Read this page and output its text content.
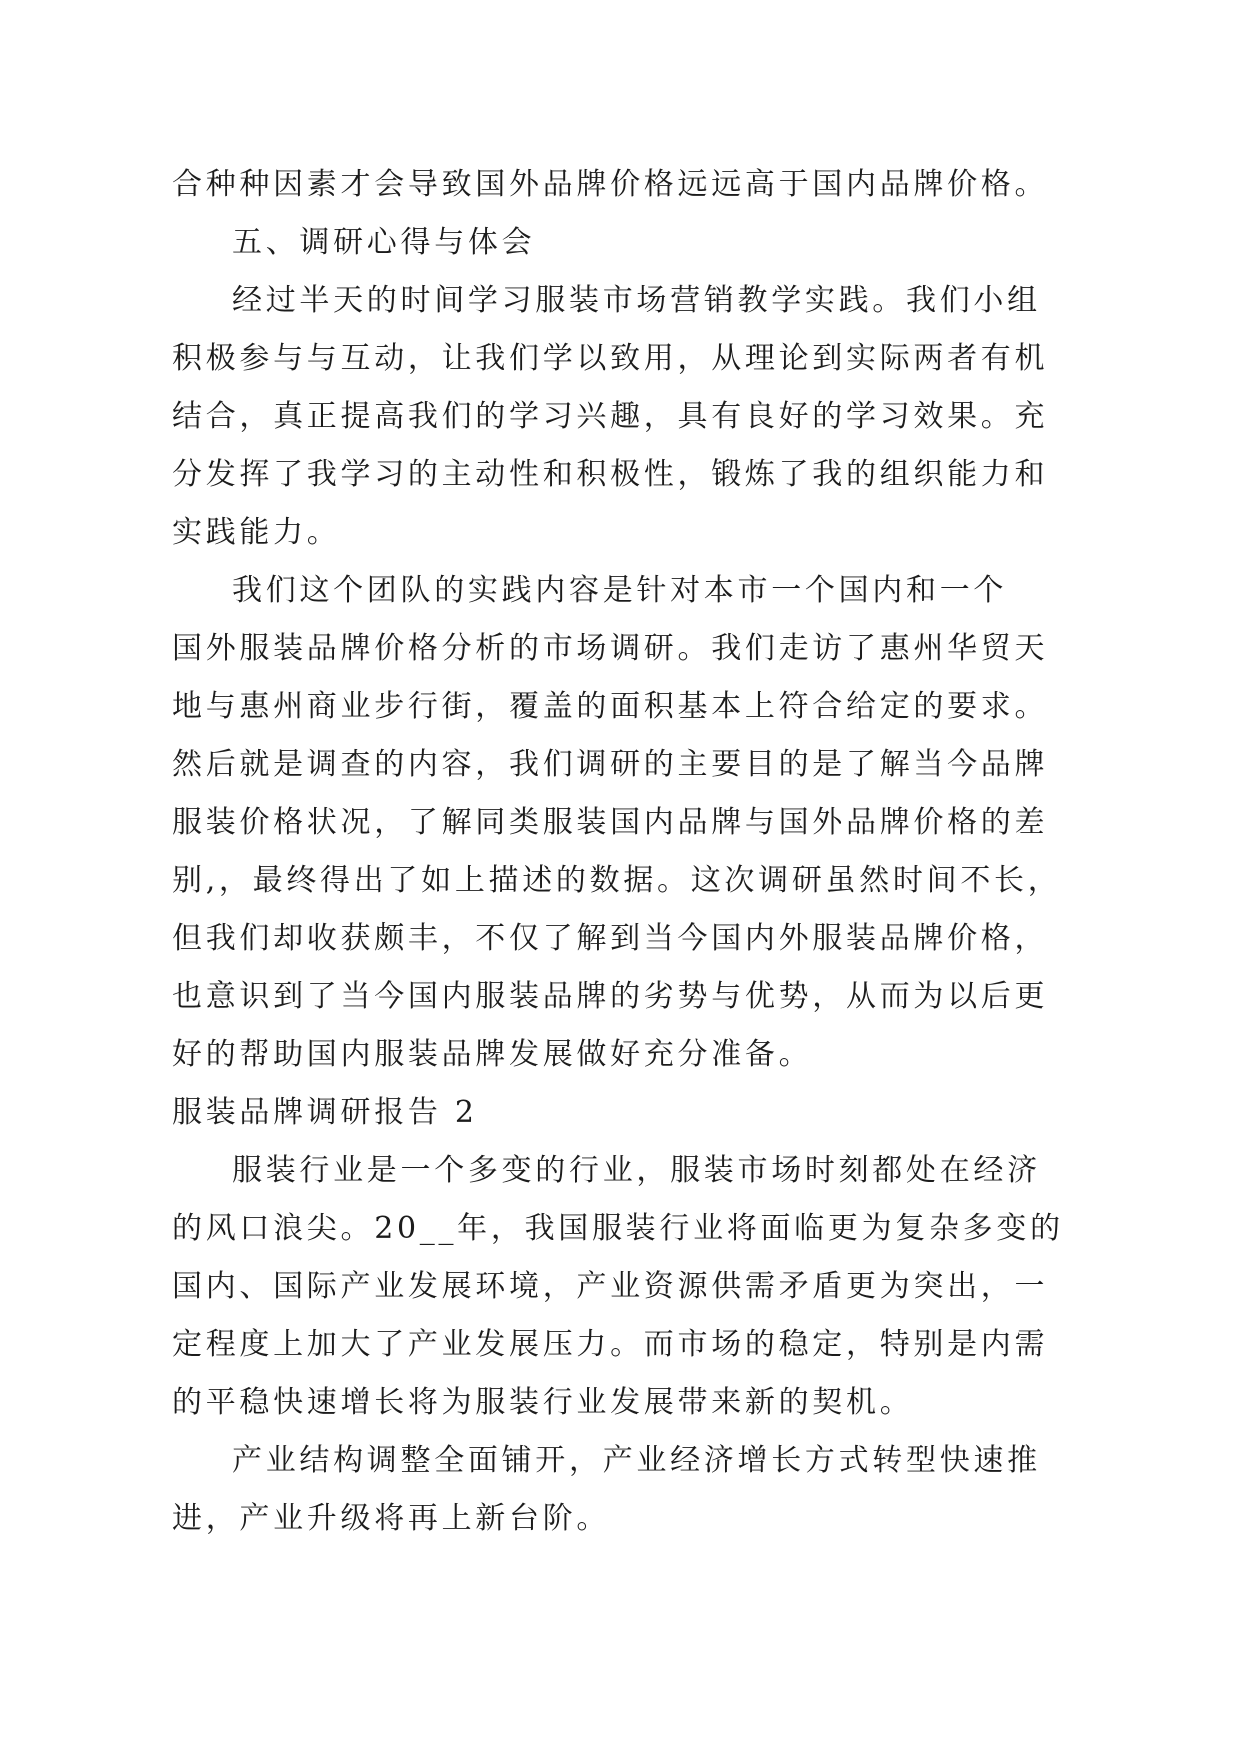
合种种因素才会导致国外品牌价格远远高于国内品牌价格。
五、调研心得与体会
经过半天的时间学习服装市场营销教学实践。我们小组
积极参与与互动，让我们学以致用，从理论到实际两者有机
结合，真正提高我们的学习兴趣，具有良好的学习效果。充
分发挥了我学习的主动性和积极性，锻炼了我的组织能力和
实践能力。
我们这个团队的实践内容是针对本市一个国内和一个
国外服装品牌价格分析的市场调研。我们走访了惠州华贸天
地与惠州商业步行街，覆盖的面积基本上符合给定的要求。
然后就是调查的内容，我们调研的主要目的是了解当今品牌
服装价格状况，了解同类服装国内品牌与国外品牌价格的差
别,，最终得出了如上描述的数据。这次调研虽然时间不长，
但我们却收获颇丰，不仅了解到当今国内外服装品牌价格，
也意识到了当今国内服装品牌的劣势与优势，从而为以后更
好的帮助国内服装品牌发展做好充分准备。
服装品牌调研报告 2
服装行业是一个多变的行业，服装市场时刻都处在经济
的风口浪尖。20__年，我国服装行业将面临更为复杂多变的
国内、国际产业发展环境，产业资源供需矛盾更为突出，一
定程度上加大了产业发展压力。而市场的稳定，特别是内需
的平稳快速增长将为服装行业发展带来新的契机。
产业结构调整全面铺开，产业经济增长方式转型快速推
进，产业升级将再上新台阶。
